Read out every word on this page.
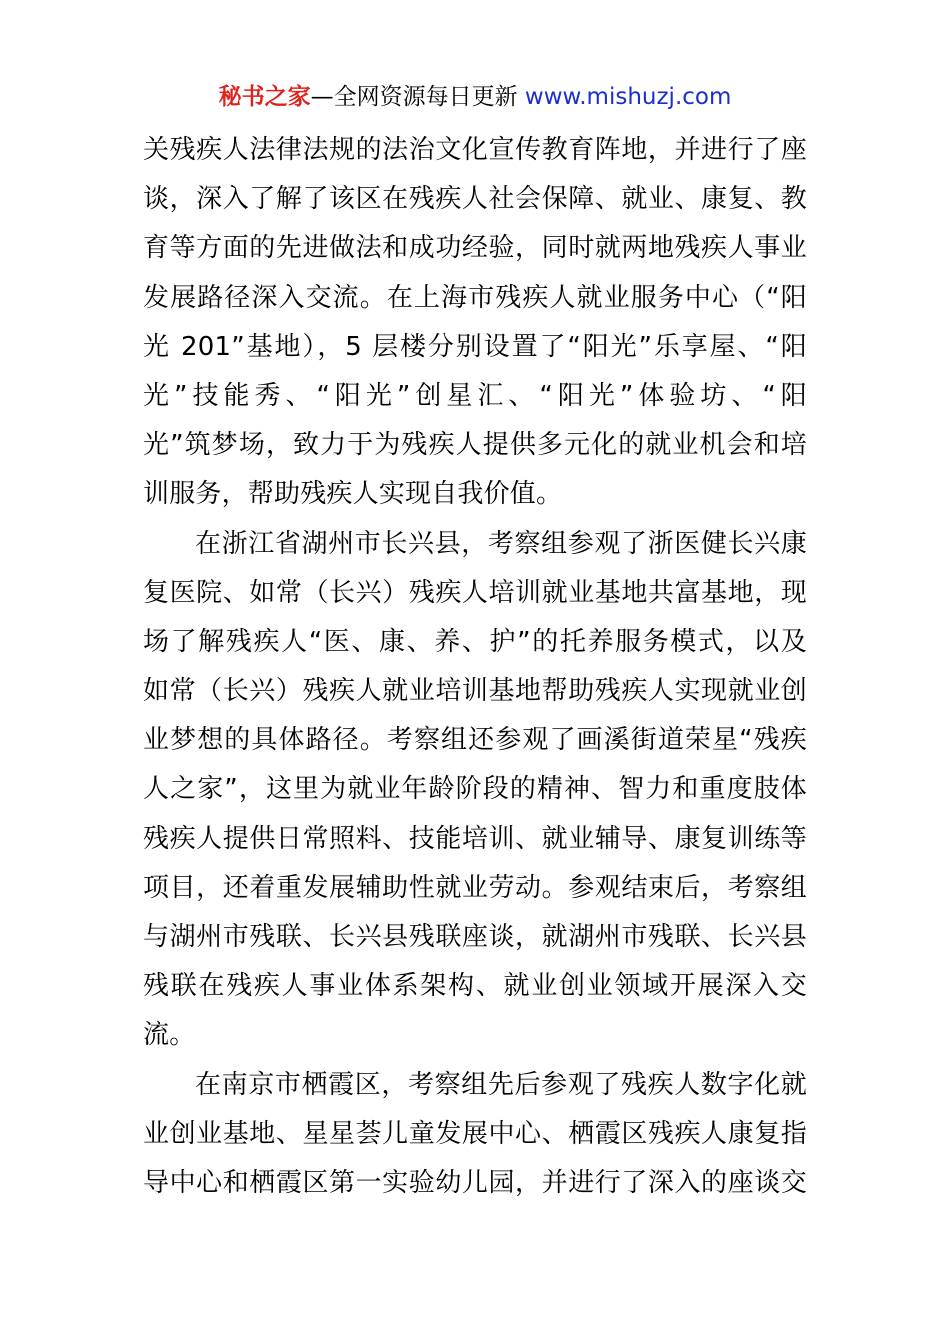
秘书之家—全网资源每日更新 www.mishuzj.com
关残疾人法律法规的法治文化宣传教育阵地，并进行了座
谈，深入了解了该区在残疾人社会保障、就业、康复、教
育等方面的先进做法和成功经验，同时就两地残疾人事业
发展路径深入交流。在上海市残疾人就业服务中心（“阳
光 201”基地），5 层楼分别设置了“阳光”乐享屋、“阳
光”技能秀、“阳光”创星汇、“阳光”体验坊、“阳
光”筑梦场，致力于为残疾人提供多元化的就业机会和培
训服务，帮助残疾人实现自我价值。
在浙江省湖州市长兴县，考察组参观了浙医健长兴康
复医院、如常（长兴）残疾人培训就业基地共富基地，现
场了解残疾人“医、康、养、护”的托养服务模式，以及
如常（长兴）残疾人就业培训基地帮助残疾人实现就业创
业梦想的具体路径。考察组还参观了画溪街道荣星“残疾
人之家”，这里为就业年龄阶段的精神、智力和重度肢体
残疾人提供日常照料、技能培训、就业辅导、康复训练等
项目，还着重发展辅助性就业劳动。参观结束后，考察组
与湖州市残联、长兴县残联座谈，就湖州市残联、长兴县
残联在残疾人事业体系架构、就业创业领域开展深入交
流。
在南京市栖霞区，考察组先后参观了残疾人数字化就
业创业基地、星星荟儿童发展中心、栖霞区残疾人康复指
导中心和栖霞区第一实验幼儿园，并进行了深入的座谈交
